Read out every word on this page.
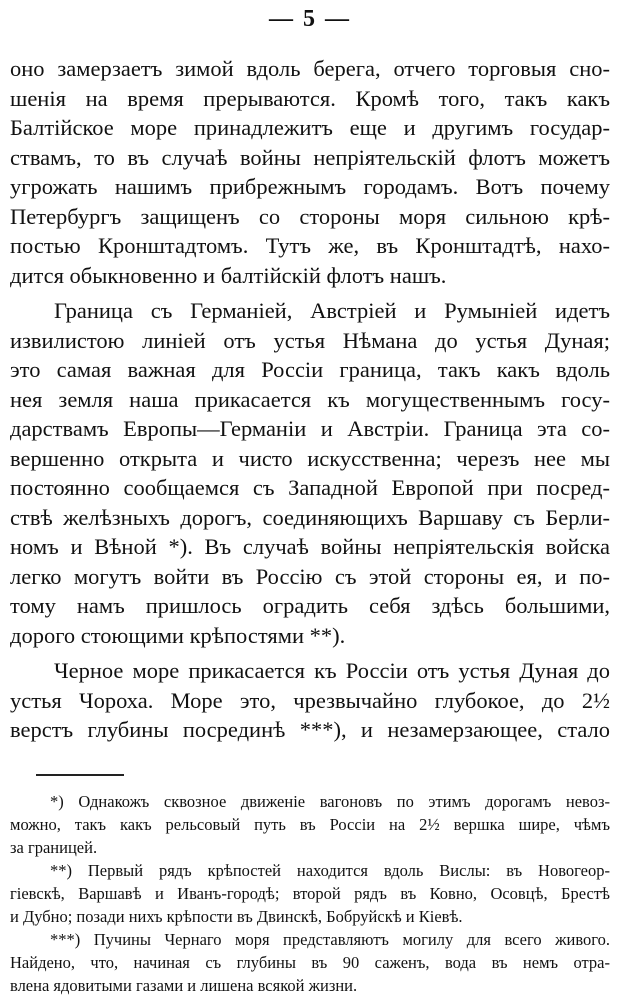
— 5 —
оно замерзаетъ зимой вдоль берега, отчего торговыя сно-
шенія на время прерываются. Кромѣ того, такъ какъ
Балтійское море принадлежитъ еще и другимъ государ-
ствамъ, то въ случаѣ войны непріятельскій флотъ можетъ
угрожать нашимъ прибрежнымъ городамъ. Вотъ почему
Петербургъ защищенъ со стороны моря сильною крѣ-
постью Кронштадтомъ. Тутъ же, въ Кронштадтѣ, нахо-
дится обыкновенно и балтійскій флотъ нашъ.
Граница съ Германіей, Австріей и Румыніей идетъ
извилистою линіей отъ устья Нѣмана до устья Дуная;
это самая важная для Россіи граница, такъ какъ вдоль
нея земля наша прикасается къ могущественнымъ госу-
дарствамъ Европы—Германіи и Австріи. Граница эта со-
вершенно открыта и чисто искусственна; черезъ нее мы
постоянно сообщаемся съ Западной Европой при посред-
ствѣ желѣзныхъ дорогъ, соединяющихъ Варшаву съ Берли-
номъ и Вѣной *). Въ случаѣ войны непріятельскія войска
легко могутъ войти въ Россію съ этой стороны ея, и по-
тому намъ пришлось оградить себя здѣсь большими,
дорого стоющими крѣпостями **).
Черное море прикасается къ Россіи отъ устья Дуная до
устья Чороха. Море это, чрезвычайно глубокое, до 2½
верстъ глубины посрединѣ ***), и незамерзающее, стало
*) Однакожъ сквозное движеніе вагоновъ по этимъ дорогамъ невоз-
можно, такъ какъ рельсовый путь въ Россіи на 2½ вершка шире, чѣмъ
за границей.
**) Первый рядъ крѣпостей находится вдоль Вислы: въ Новогеор-
гіевскѣ, Варшавѣ и Иванъ-городѣ; второй рядъ въ Ковно, Осовцѣ, Брестѣ
и Дубно; позади нихъ крѣпости въ Двинскѣ, Бобруйскѣ и Кіевѣ.
***) Пучины Чернаго моря представляютъ могилу для всего живого.
Найдено, что, начиная съ глубины въ 90 саженъ, вода въ немъ отра-
влена ядовитыми газами и лишена всякой жизни.
